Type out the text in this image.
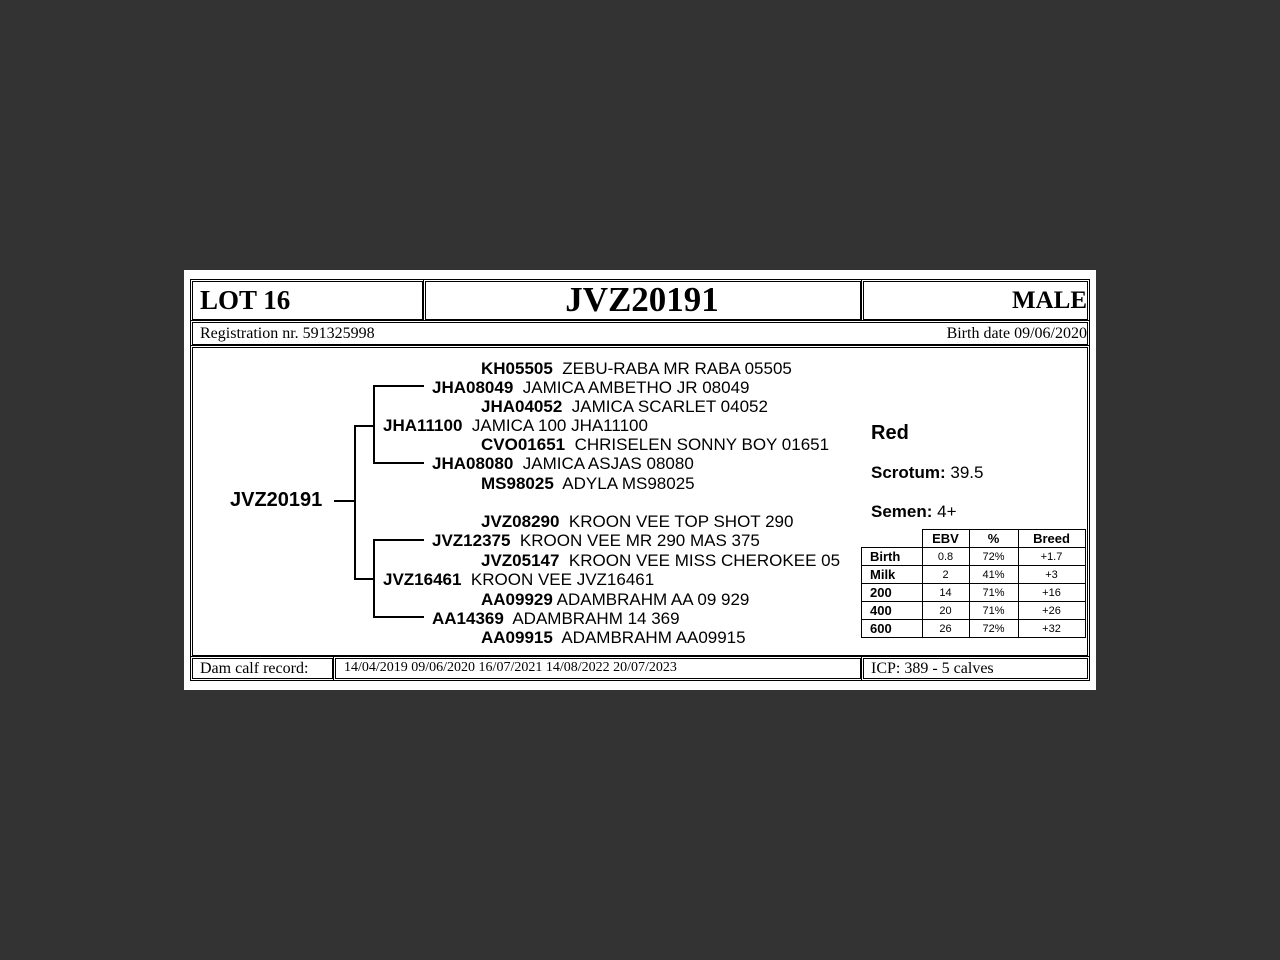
LOT 16	JVZ20191	MALE
Registration nr. 591325998	Birth date 09/06/2020
JVZ20191
KH05505 ZEBU-RABA MR RABA 05505
JHA08049 JAMICA AMBETHO JR 08049
JHA04052  JAMICA SCARLET 04052
JHA11100 JAMICA 100 JHA11100
CVO01651 CHRISELEN SONNY BOY 01651
JHA08080 JAMICA ASJAS 08080
MS98025 ADYLA MS98025
JVZ08290 KROON VEE TOP SHOT 290
JVZ12375 KROON VEE MR 290 MAS 375
JVZ05147 KROON VEE MISS CHEROKEE 05
JVZ16461 KROON VEE JVZ16461
AA09929 ADAMBRAHM AA 09 929
AA14369 ADAMBRAHM 14 369
AA09915 ADAMBRAHM AA09915
Red
Scrotum: 39.5
Semen: 4+
	EBV	%	Breed
Birth	0.8	72%	+1.7
Milk	2	41%	+3
200	14	71%	+16
400	20	71%	+26
600	26	72%	+32
Dam calf record:	14/04/2019 09/06/2020 16/07/2021 14/08/2022 20/07/2023	ICP: 389 - 5 calves
